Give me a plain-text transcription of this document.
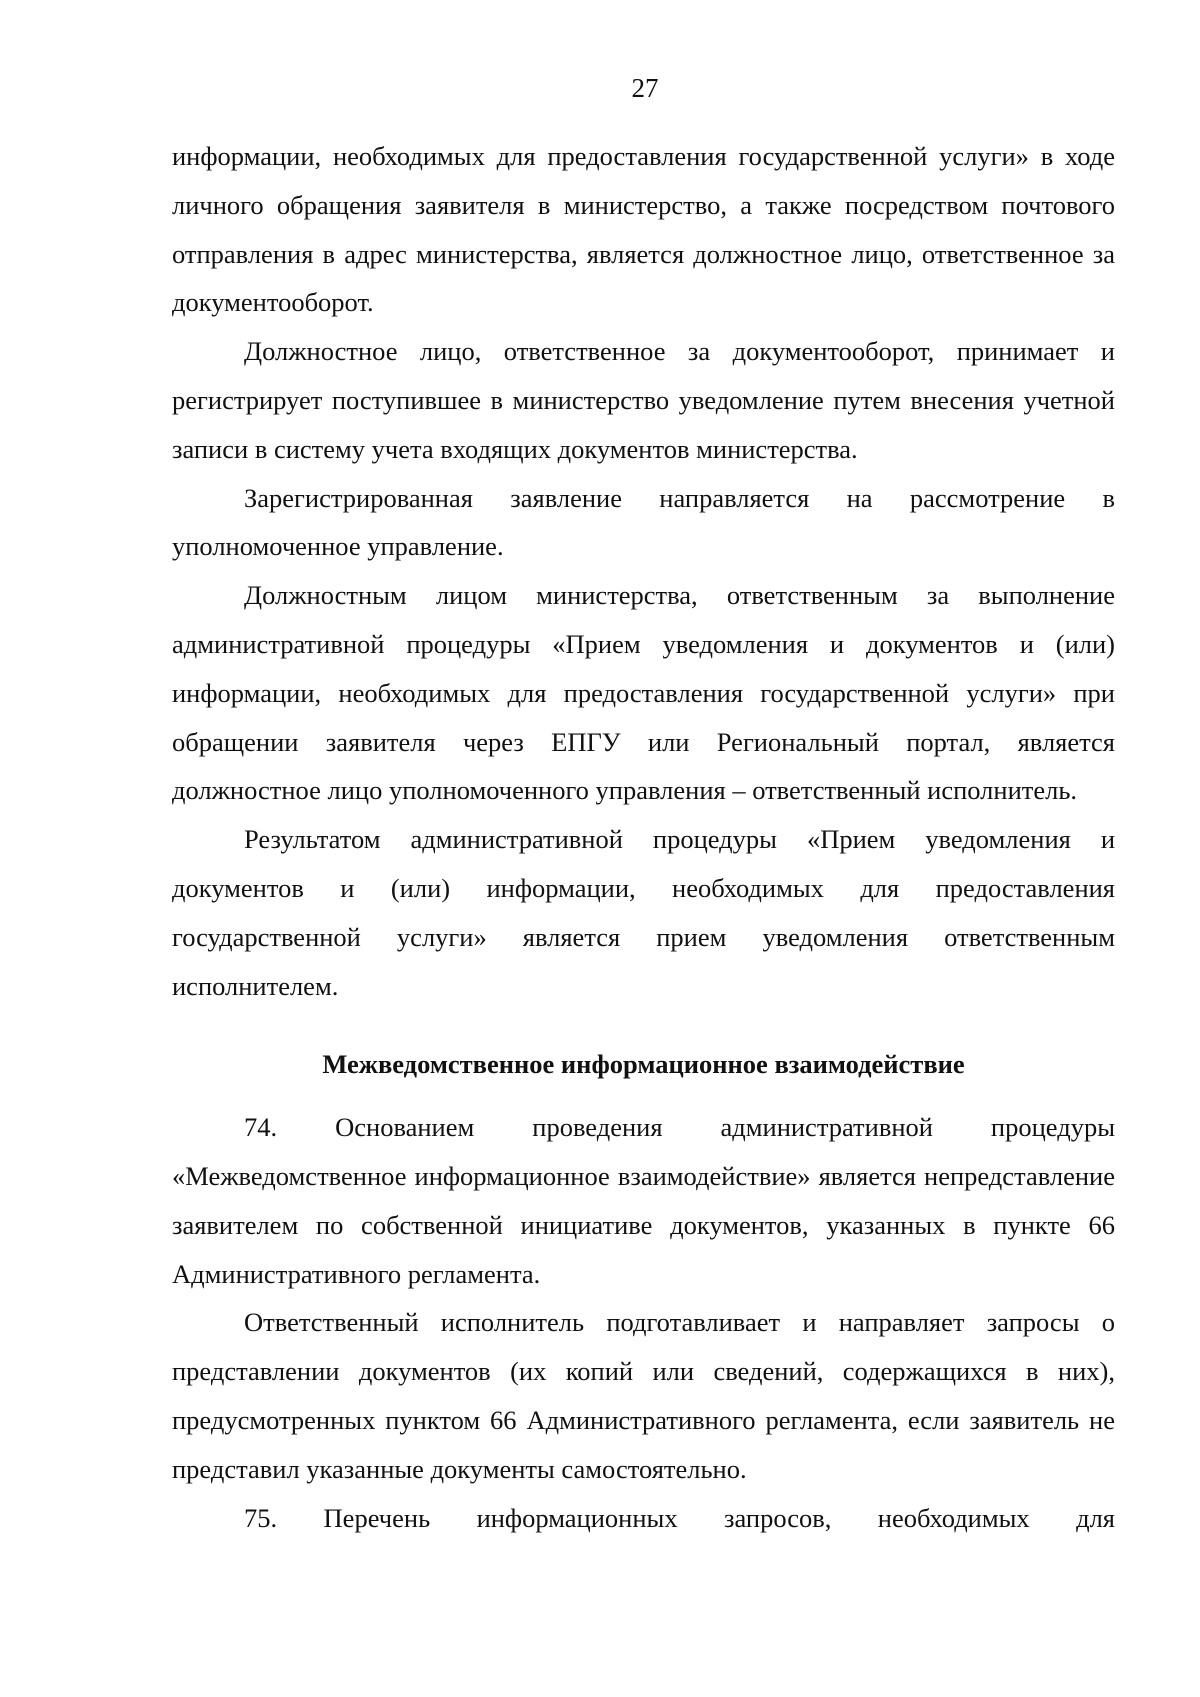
27

информации, необходимых для предоставления государственной услуги» в ходе личного обращения заявителя в министерство, а также посредством почтового отправления в адрес министерства, является должностное лицо, ответственное за документооборот.

Должностное лицо, ответственное за документооборот, принимает и регистрирует поступившее в министерство уведомление путем внесения учетной записи в систему учета входящих документов министерства.

Зарегистрированная заявление направляется на рассмотрение в уполномоченное управление.

Должностным лицом министерства, ответственным за выполнение административной процедуры «Прием уведомления и документов и (или) информации, необходимых для предоставления государственной услуги» при обращении заявителя через ЕПГУ или Региональный портал, является должностное лицо уполномоченного управления – ответственный исполнитель.

Результатом административной процедуры «Прием уведомления и документов и (или) информации, необходимых для предоставления государственной услуги» является прием уведомления ответственным исполнителем.

Межведомственное информационное взаимодействие

74. Основанием проведения административной процедуры «Межведомственное информационное взаимодействие» является непредставление заявителем по собственной инициативе документов, указанных в пункте 66 Административного регламента.

Ответственный исполнитель подготавливает и направляет запросы о представлении документов (их копий или сведений, содержащихся в них), предусмотренных пунктом 66 Административного регламента, если заявитель не представил указанные документы самостоятельно.

75. Перечень информационных запросов, необходимых для
